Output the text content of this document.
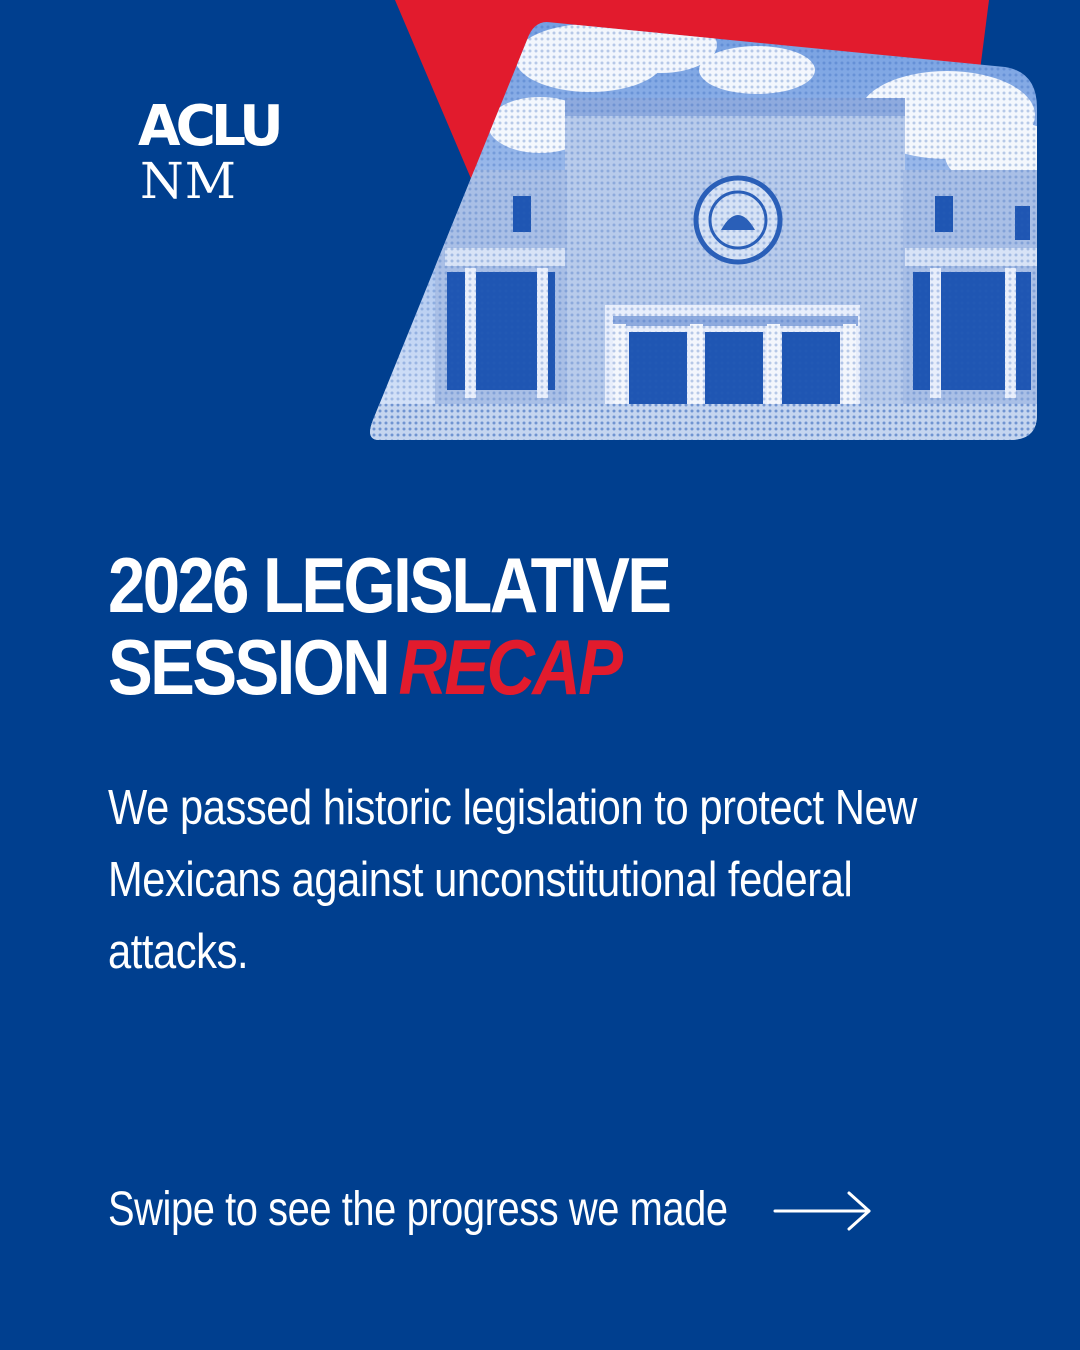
ACLU
NM
2026 LEGISLATIVE
SESSION RECAP
We passed historic legislation to protect New Mexicans against unconstitutional federal attacks.
Swipe to see the progress we made
